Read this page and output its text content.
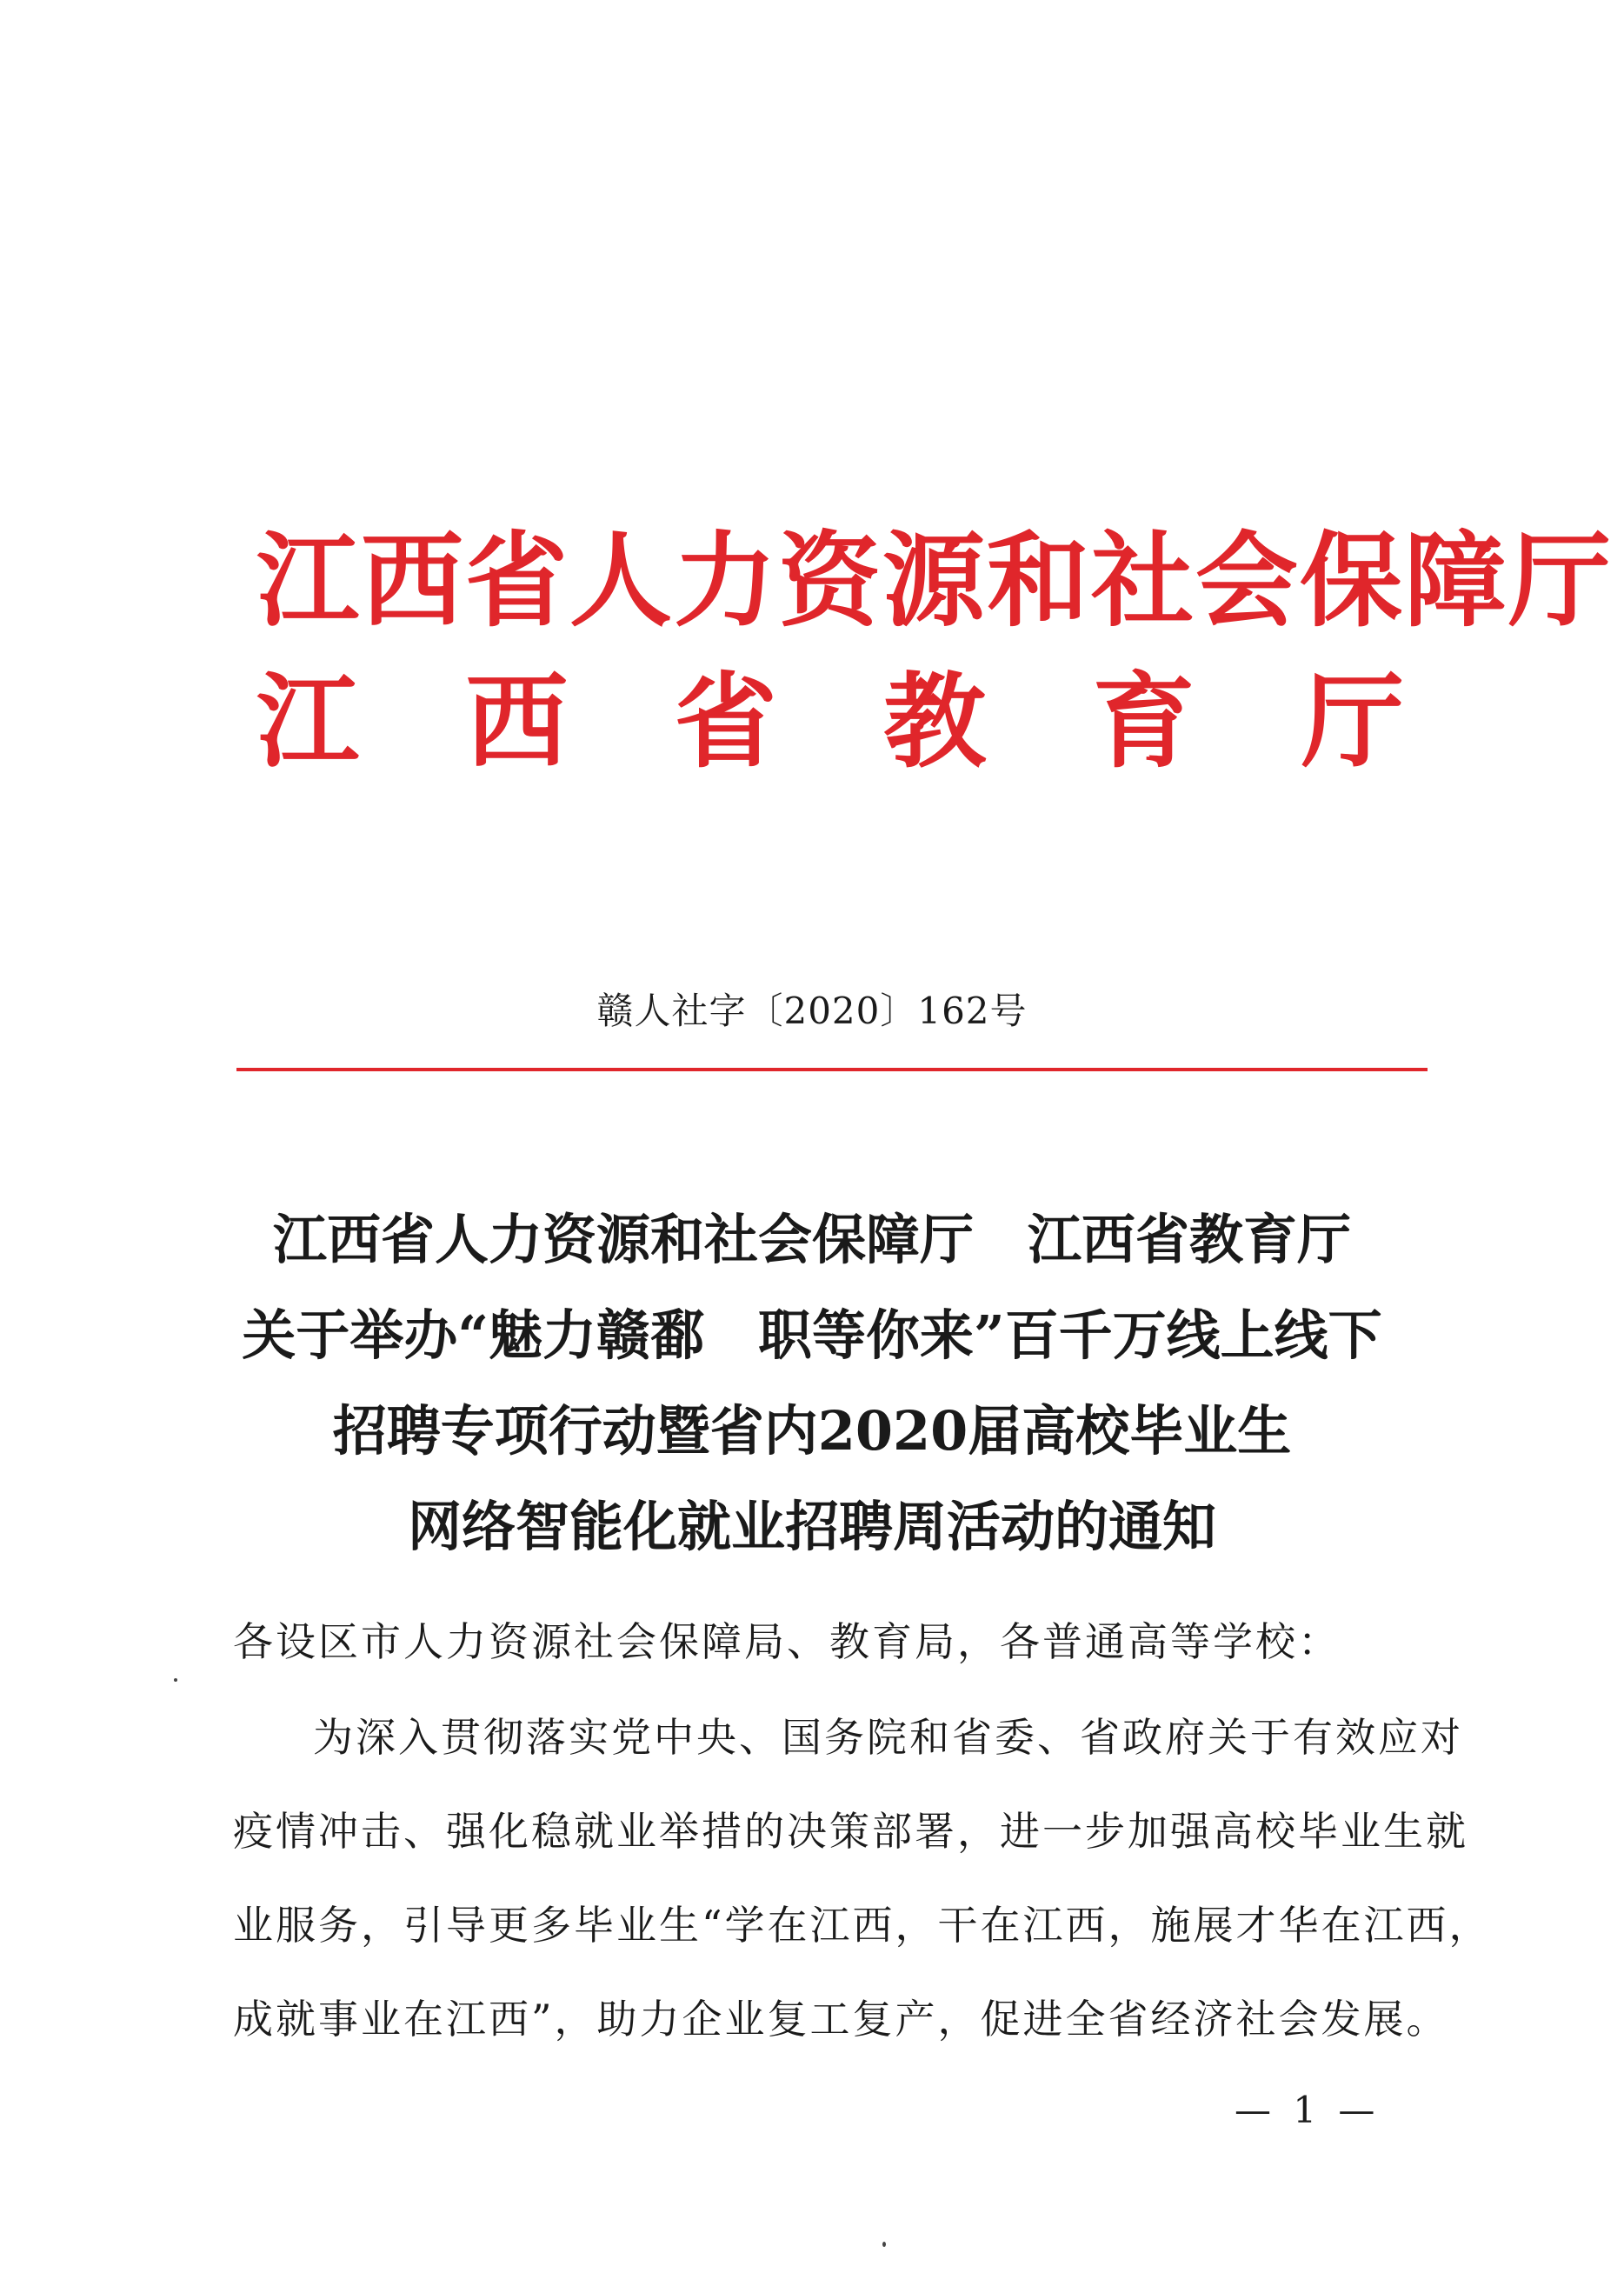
江西省人力资源和社会保障厅
江西省教育厅
赣人社字〔2020〕162号
江西省人力资源和社会保障厅 江西省教育厅
关于举办“魅力赣鄱 职等你来”百千万线上线下
招聘专项行动暨省内2020届高校毕业生
网络智能化就业招聘周活动的通知
各设区市人力资源社会保障局、教育局，各普通高等学校：
为深入贯彻落实党中央、国务院和省委、省政府关于有效应对
疫情冲击、强化稳就业举措的决策部署，进一步加强高校毕业生就
业服务，引导更多毕业生“学在江西，干在江西，施展才华在江西，
成就事业在江西”，助力企业复工复产，促进全省经济社会发展。
— 1 —
